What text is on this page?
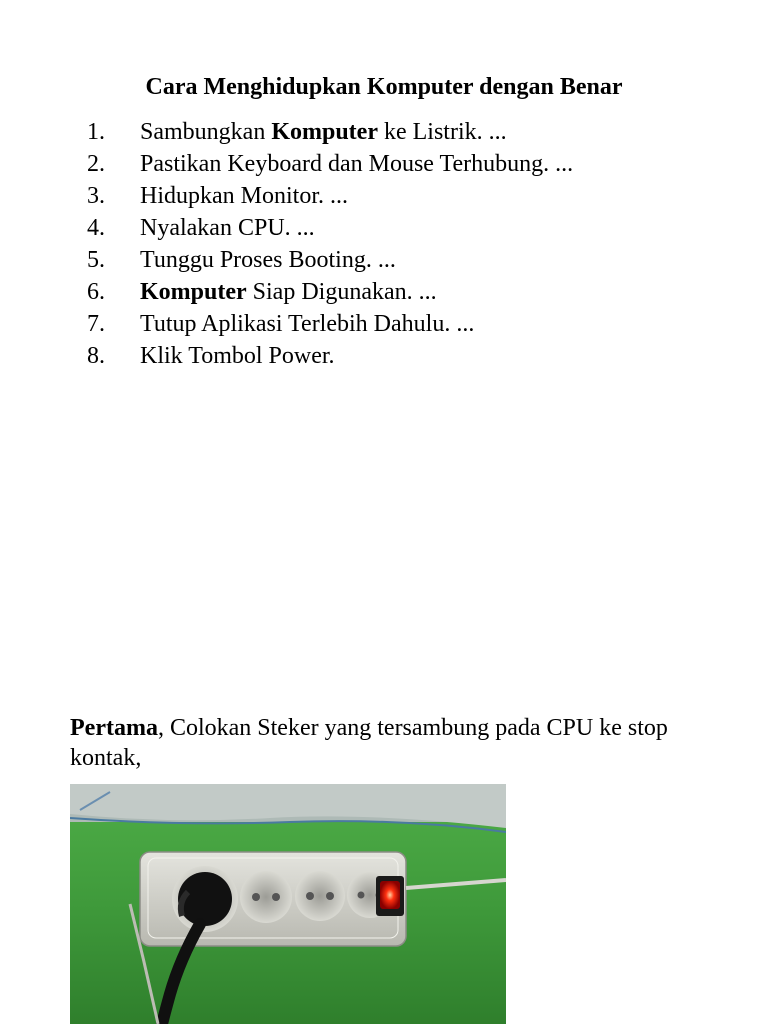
Cara Menghidupkan Komputer dengan Benar
1. Sambungkan Komputer ke Listrik. ...
2. Pastikan Keyboard dan Mouse Terhubung. ...
3. Hidupkan Monitor. ...
4. Nyalakan CPU. ...
5. Tunggu Proses Booting. ...
6. Komputer Siap Digunakan. ...
7. Tutup Aplikasi Terlebih Dahulu. ...
8. Klik Tombol Power.

Pertama, Colokan Steker yang tersambung pada CPU ke stop kontak,
